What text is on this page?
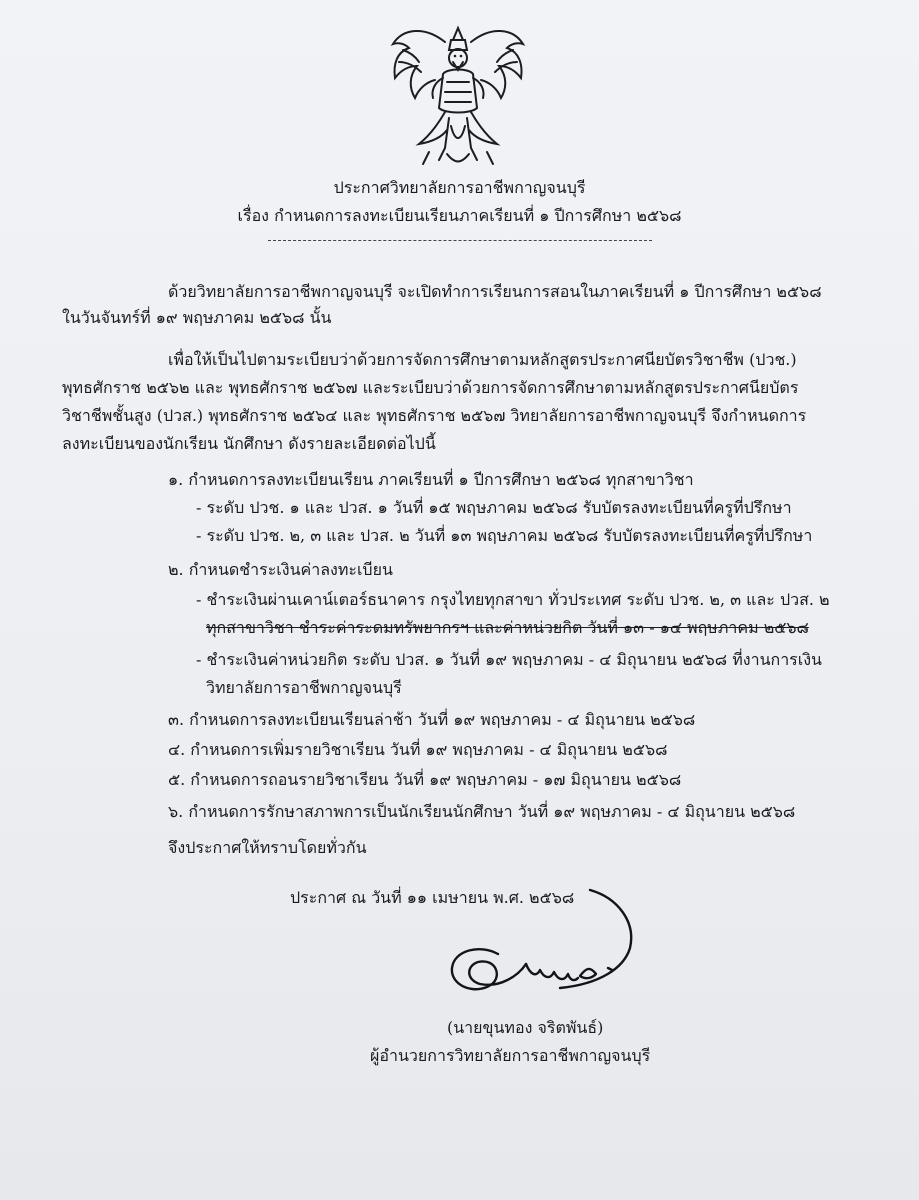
ประกาศวิทยาลัยการอาชีพกาญจนบุรี
เรื่อง กำหนดการลงทะเบียนเรียนภาคเรียนที่ ๑ ปีการศึกษา ๒๕๖๘
ด้วยวิทยาลัยการอาชีพกาญจนบุรี จะเปิดทำการเรียนการสอนในภาคเรียนที่ ๑ ปีการศึกษา ๒๕๖๘
ในวันจันทร์ที่ ๑๙ พฤษภาคม ๒๕๖๘ นั้น
เพื่อให้เป็นไปตามระเบียบว่าด้วยการจัดการศึกษาตามหลักสูตรประกาศนียบัตรวิชาชีพ (ปวช.)
พุทธศักราช ๒๕๖๒ และ พุทธศักราช ๒๕๖๗ และระเบียบว่าด้วยการจัดการศึกษาตามหลักสูตรประกาศนียบัตร
วิชาชีพชั้นสูง (ปวส.) พุทธศักราช ๒๕๖๔ และ พุทธศักราช ๒๕๖๗ วิทยาลัยการอาชีพกาญจนบุรี จึงกำหนดการ
ลงทะเบียนของนักเรียน นักศึกษา ดังรายละเอียดต่อไปนี้
๑. กำหนดการลงทะเบียนเรียน ภาคเรียนที่ ๑ ปีการศึกษา ๒๕๖๘ ทุกสาขาวิชา
- ระดับ ปวช. ๑ และ ปวส. ๑ วันที่ ๑๕ พฤษภาคม ๒๕๖๘ รับบัตรลงทะเบียนที่ครูที่ปรึกษา
- ระดับ ปวช. ๒, ๓ และ ปวส. ๒ วันที่ ๑๓ พฤษภาคม ๒๕๖๘ รับบัตรลงทะเบียนที่ครูที่ปรึกษา
๒. กำหนดชำระเงินค่าลงทะเบียน
- ชำระเงินผ่านเคาน์เตอร์ธนาคาร กรุงไทยทุกสาขา ทั่วประเทศ ระดับ ปวช. ๒, ๓ และ ปวส. ๒
ทุกสาขาวิชา ชำระค่าระดมทรัพยากรฯ และค่าหน่วยกิต วันที่ ๑๓ - ๑๔ พฤษภาคม ๒๕๖๘
- ชำระเงินค่าหน่วยกิต ระดับ ปวส. ๑ วันที่ ๑๙ พฤษภาคม - ๔ มิถุนายน ๒๕๖๘ ที่งานการเงิน
วิทยาลัยการอาชีพกาญจนบุรี
๓. กำหนดการลงทะเบียนเรียนล่าช้า วันที่ ๑๙ พฤษภาคม - ๔ มิถุนายน ๒๕๖๘
๔. กำหนดการเพิ่มรายวิชาเรียน วันที่ ๑๙ พฤษภาคม - ๔ มิถุนายน ๒๕๖๘
๕. กำหนดการถอนรายวิชาเรียน วันที่ ๑๙ พฤษภาคม - ๑๗ มิถุนายน ๒๕๖๘
๖. กำหนดการรักษาสภาพการเป็นนักเรียนนักศึกษา วันที่ ๑๙ พฤษภาคม - ๔ มิถุนายน ๒๕๖๘
จึงประกาศให้ทราบโดยทั่วกัน
ประกาศ ณ วันที่ ๑๑ เมษายน พ.ศ. ๒๕๖๘
(นายขุนทอง จริตพันธ์)
ผู้อำนวยการวิทยาลัยการอาชีพกาญจนบุรี
